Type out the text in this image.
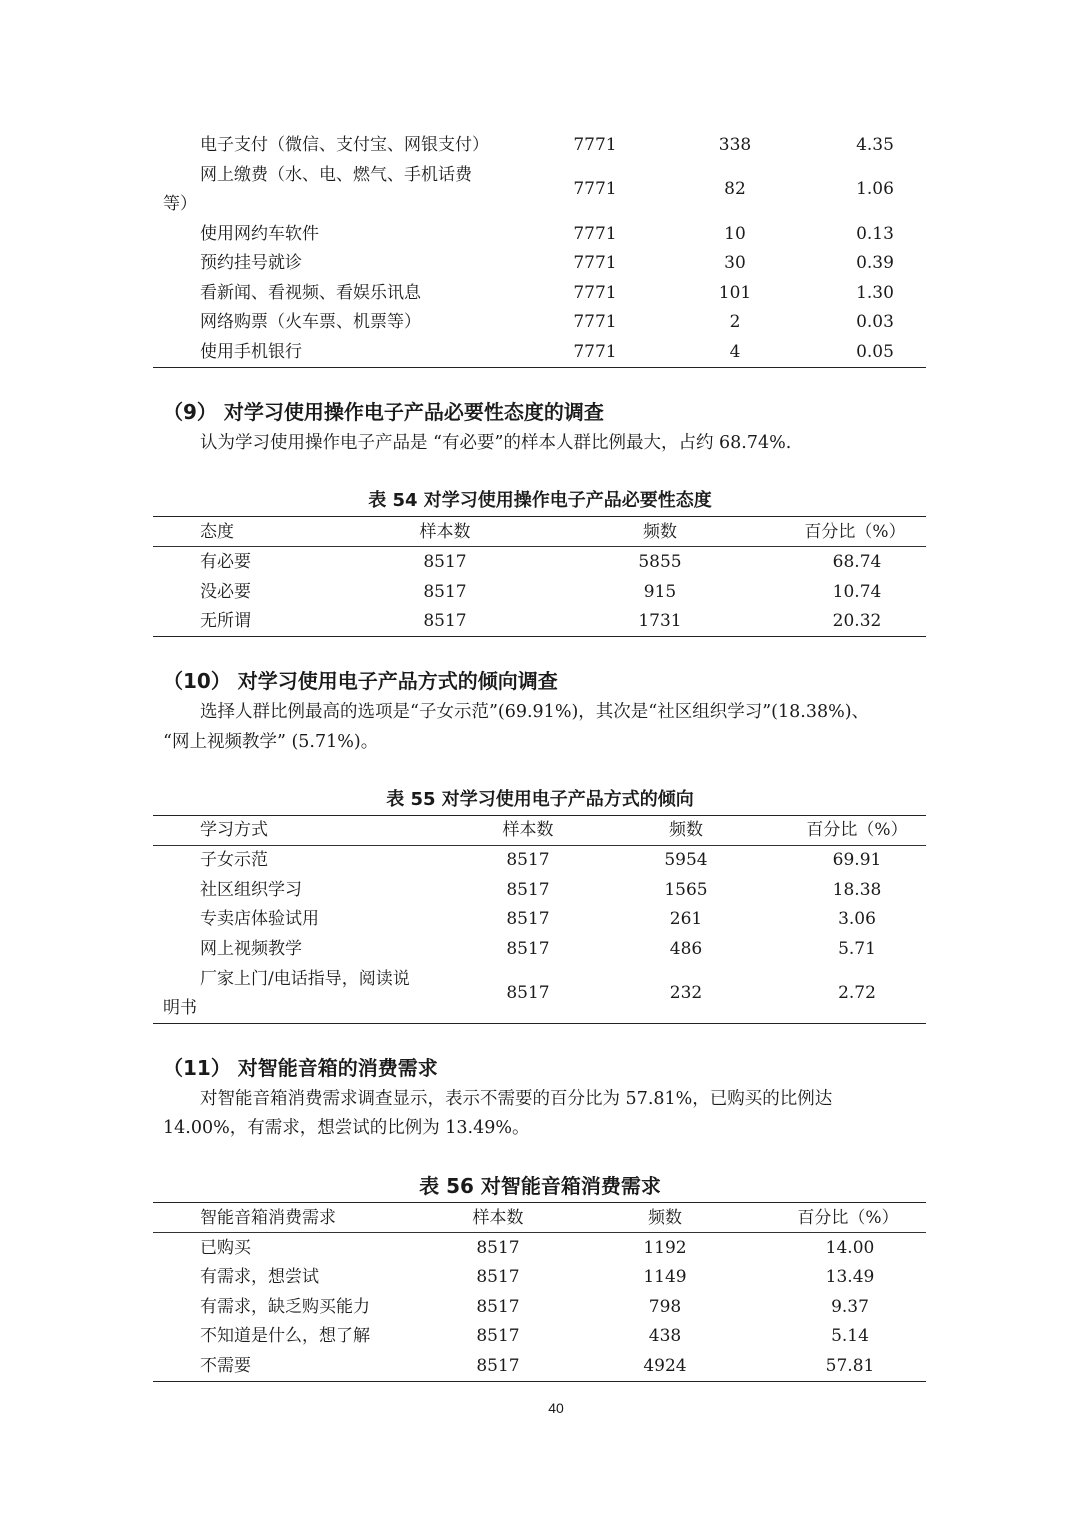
电子支付（微信、支付宝、网银支付）	7771	338	4.35
网上缴费（水、电、燃气、手机话费
等）
7771	82	1.06
使用网约车软件	7771	10	0.13
预约挂号就诊	7771	30	0.39
看新闻、看视频、看娱乐讯息	7771	101	1.30
网络购票（火车票、机票等）	7771	2	0.03
使用手机银行	7771	4	0.05
（9） 对学习使用操作电子产品必要性态度的调查
认为学习使用操作电子产品是 “有必要”的样本人群比例最大，占约 68.74%.
表 54 对学习使用操作电子产品必要性态度
态度	样本数	频数	百分比（%）
有必要	8517	5855	68.74
没必要	8517	915	10.74
无所谓	8517	1731	20.32
（10） 对学习使用电子产品方式的倾向调查
选择人群比例最高的选项是“子女示范”(69.91%)，其次是“社区组织学习”(18.38%)、
“网上视频教学” (5.71%)。
表 55 对学习使用电子产品方式的倾向
学习方式	样本数	频数	百分比（%）
子女示范	8517	5954	69.91
社区组织学习	8517	1565	18.38
专卖店体验试用	8517	261	3.06
网上视频教学	8517	486	5.71
厂家上门/电话指导，阅读说
明书
8517	232	2.72
（11） 对智能音箱的消费需求
对智能音箱消费需求调查显示，表示不需要的百分比为 57.81%，已购买的比例达
14.00%，有需求，想尝试的比例为 13.49%。
表 56 对智能音箱消费需求
智能音箱消费需求	样本数	频数	百分比（%）
已购买	8517	1192	14.00
有需求，想尝试	8517	1149	13.49
有需求，缺乏购买能力	8517	798	9.37
不知道是什么，想了解	8517	438	5.14
不需要	8517	4924	57.81
40
